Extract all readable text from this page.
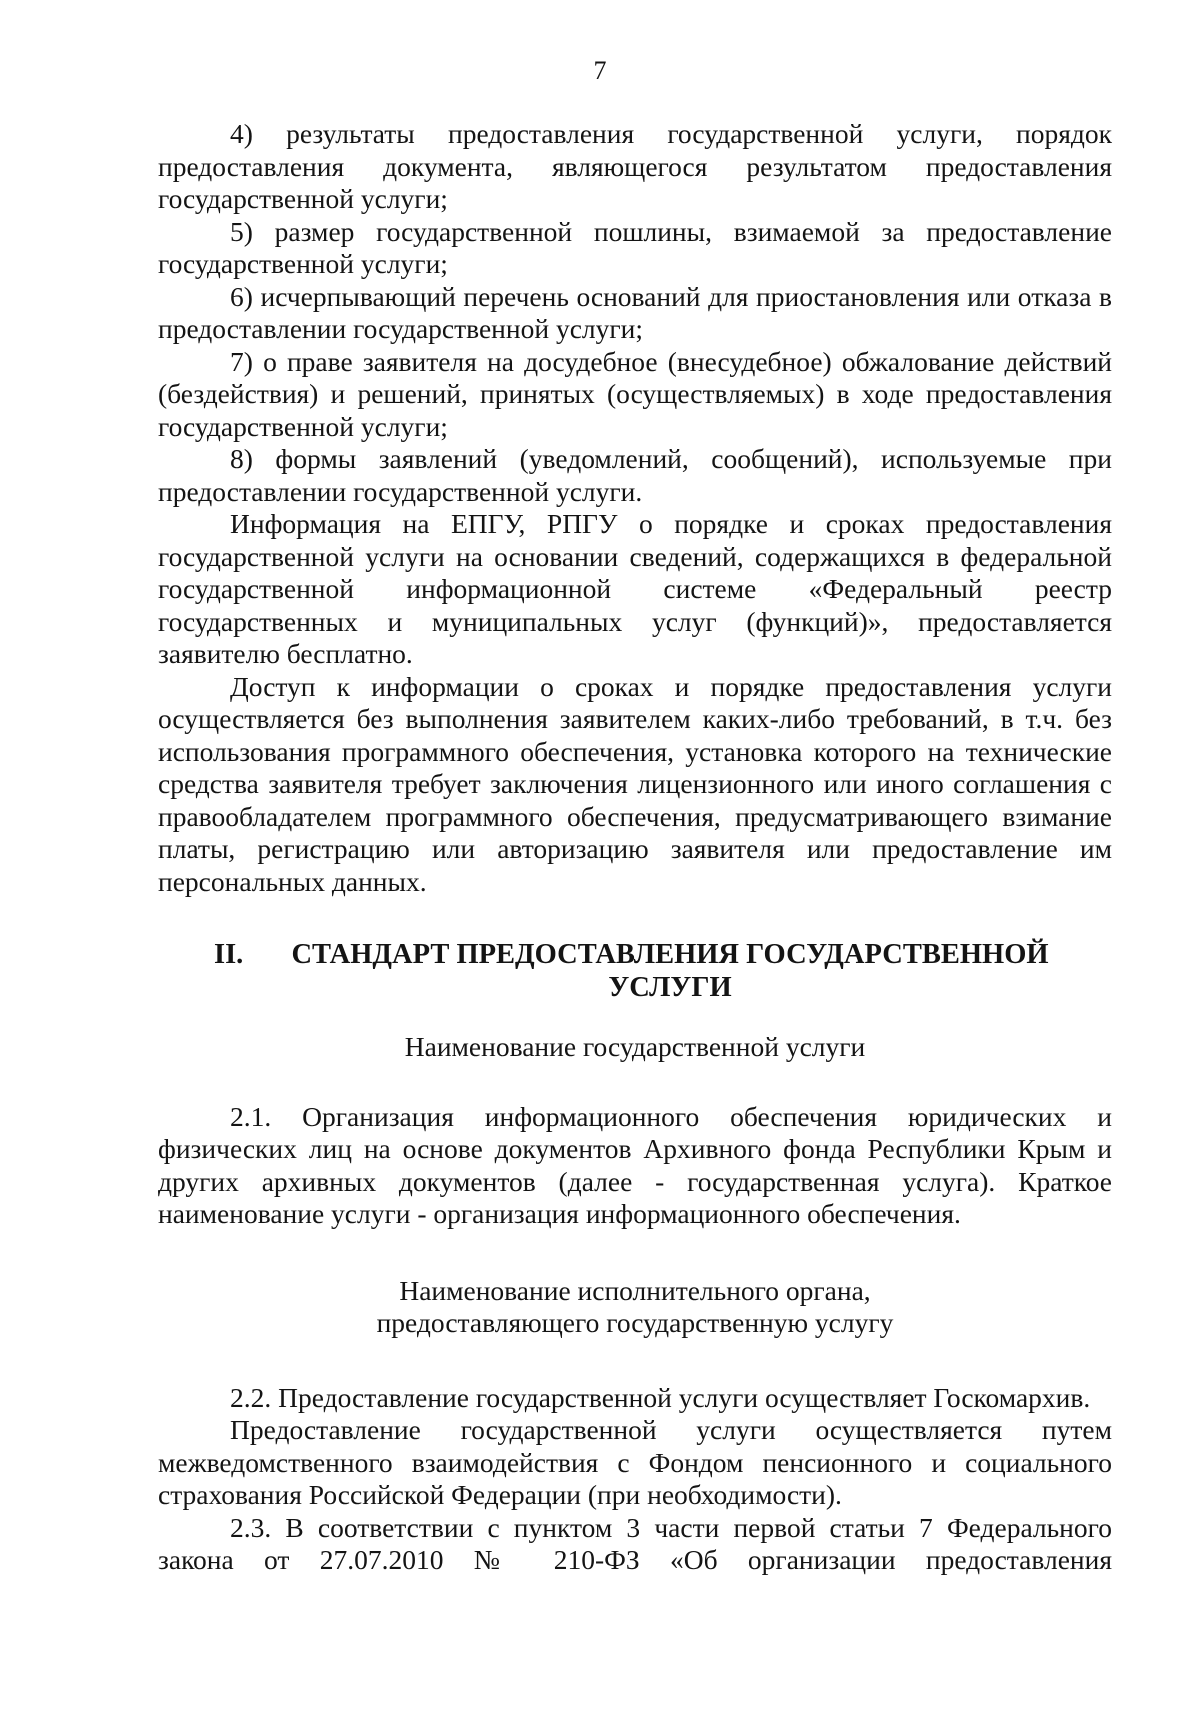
7

4) результаты предоставления государственной услуги, порядок предоставления документа, являющегося результатом предоставления государственной услуги;

5) размер государственной пошлины, взимаемой за предоставление государственной услуги;

6) исчерпывающий перечень оснований для приостановления или отказа в предоставлении государственной услуги;

7) о праве заявителя на досудебное (внесудебное) обжалование действий (бездействия) и решений, принятых (осуществляемых) в ходе предоставления государственной услуги;

8) формы заявлений (уведомлений, сообщений), используемые при предоставлении государственной услуги.

Информация на ЕПГУ, РПГУ о порядке и сроках предоставления государственной услуги на основании сведений, содержащихся в федеральной государственной информационной системе «Федеральный реестр государственных и муниципальных услуг (функций)», предоставляется заявителю бесплатно.

Доступ к информации о сроках и порядке предоставления услуги осуществляется без выполнения заявителем каких-либо требований, в т.ч. без использования программного обеспечения, установка которого на технические средства заявителя требует заключения лицензионного или иного соглашения с правообладателем программного обеспечения, предусматривающего взимание платы, регистрацию или авторизацию заявителя или предоставление им персональных данных.

II.	СТАНДАРТ ПРЕДОСТАВЛЕНИЯ ГОСУДАРСТВЕННОЙ УСЛУГИ

Наименование государственной услуги

2.1. Организация информационного обеспечения юридических и физических лиц на основе документов Архивного фонда Республики Крым и других архивных документов (далее - государственная услуга). Краткое наименование услуги - организация информационного обеспечения.

Наименование исполнительного органа,

предоставляющего государственную услугу

2.2. Предоставление государственной услуги осуществляет Госкомархив.

Предоставление государственной услуги осуществляется путем межведомственного взаимодействия с Фондом пенсионного и социального страхования Российской Федерации (при необходимости).

2.3. В соответствии с пунктом 3 части первой статьи 7 Федерального закона от 27.07.2010 № 210-ФЗ «Об организации предоставления
